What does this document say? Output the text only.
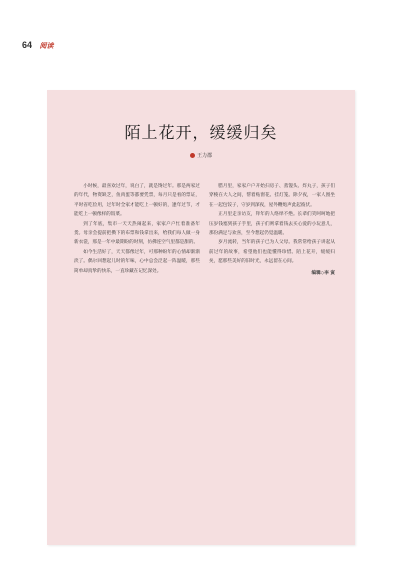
64 阅读
陌上花开，缓缓归矣
王力郡

小时候，最喜欢过年，说白了，就是馋过年。那是两家过的年代，物资缺乏，鱼肉蛋等都要凭票，每月只是看的票证，平时省吃俭用，过年时全家才能吃上一顿好的，逢年过节，才能吃上一顿像样的饭菜。

到了年底，集市一天天热闹起来，家家户户忙着准备年货。母亲会提前把攒下的布票和钱拿出来，给我们每人做一身新衣裳，那是一年中最期盼的时刻，仿佛连空气里都是甜的。

如今生活好了，天天都像过年，可那种盼年的心情却渐渐淡了。偶尔回想起儿时的年味，心中总会泛起一阵温暖，那些简单却真挚的快乐，一直珍藏在记忆深处。

腊月里，家家户户开始扫房子、蒸馒头、炸丸子，孩子们穿梭在大人之间，帮着贴窗花、挂灯笼。除夕夜，一家人围坐在一起包饺子，守岁到深夜，屋外鞭炮声此起彼伏。

正月里走亲访友，拜年的人络绎不绝。长辈们笑呵呵地把压岁钱塞到孩子手里，孩子们则拿着钱去买心爱的小玩意儿，那份满足与欢喜，至今想起仍觉温暖。

岁月流转，当年的孩子已为人父母。我常常给孩子讲起从前过年的故事，希望他们也能懂得珍惜。陌上花开，缓缓归矣，愿那些美好的旧时光，永远留在心间。

编辑◇李 寅
